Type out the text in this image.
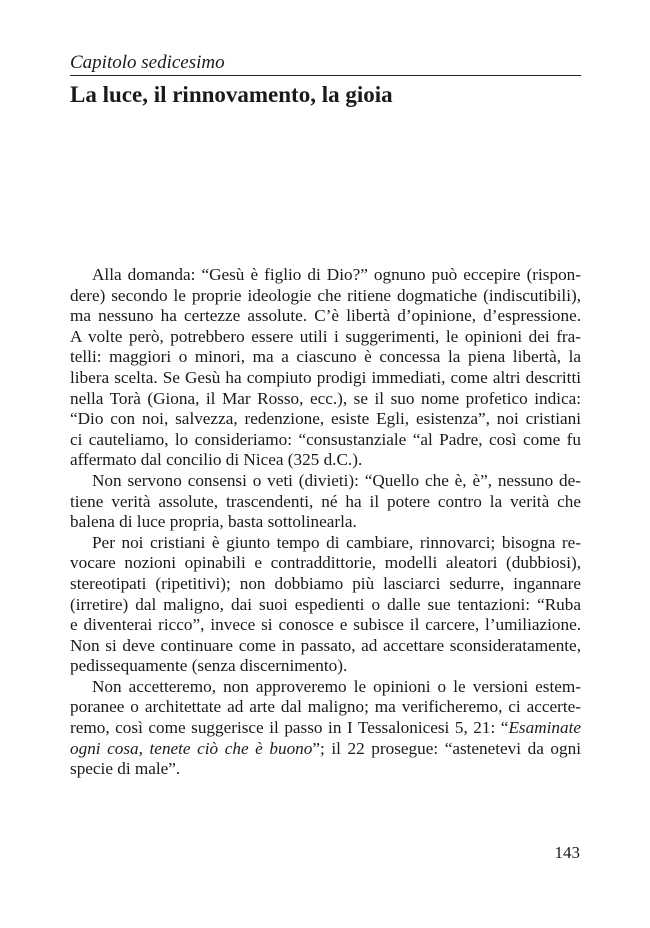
Capitolo sedicesimo
La luce, il rinnovamento, la gioia
Alla domanda: “Gesù è figlio di Dio?” ognuno può eccepire (rispon-
dere) secondo le proprie ideologie che ritiene dogmatiche (indiscutibili),
ma nessuno ha certezze assolute. C’è libertà d’opinione, d’espressione.
A volte però, potrebbero essere utili i suggerimenti, le opinioni dei fra-
telli: maggiori o minori, ma a ciascuno è concessa la piena libertà, la
libera scelta. Se Gesù ha compiuto prodigi immediati, come altri descritti
nella Torà (Giona, il Mar Rosso, ecc.), se il suo nome profetico indica:
“Dio con noi, salvezza, redenzione, esiste Egli, esistenza”, noi cristiani
ci cauteliamo, lo consideriamo: “consustanziale “al Padre, così come fu
affermato dal concilio di Nicea (325 d.C.).
Non servono consensi o veti (divieti): “Quello che è, è”, nessuno de-
tiene verità assolute, trascendenti, né ha il potere contro la verità che
balena di luce propria, basta sottolinearla.
Per noi cristiani è giunto tempo di cambiare, rinnovarci; bisogna re-
vocare nozioni opinabili e contraddittorie, modelli aleatori (dubbiosi),
stereotipati (ripetitivi); non dobbiamo più lasciarci sedurre, ingannare
(irretire) dal maligno, dai suoi espedienti o dalle sue tentazioni: “Ruba
e diventerai ricco”, invece si conosce e subisce il carcere, l’umiliazione.
Non si deve continuare come in passato, ad accettare sconsideratamente,
pedissequamente (senza discernimento).
Non accetteremo, non approveremo le opinioni o le versioni estem-
poranee o architettate ad arte dal maligno; ma verificheremo, ci accerte-
remo, così come suggerisce il passo in I Tessalonicesi 5, 21: “Esaminate
ogni cosa, tenete ciò che è buono”; il 22 prosegue: “astenetevi da ogni
specie di male”.
143
